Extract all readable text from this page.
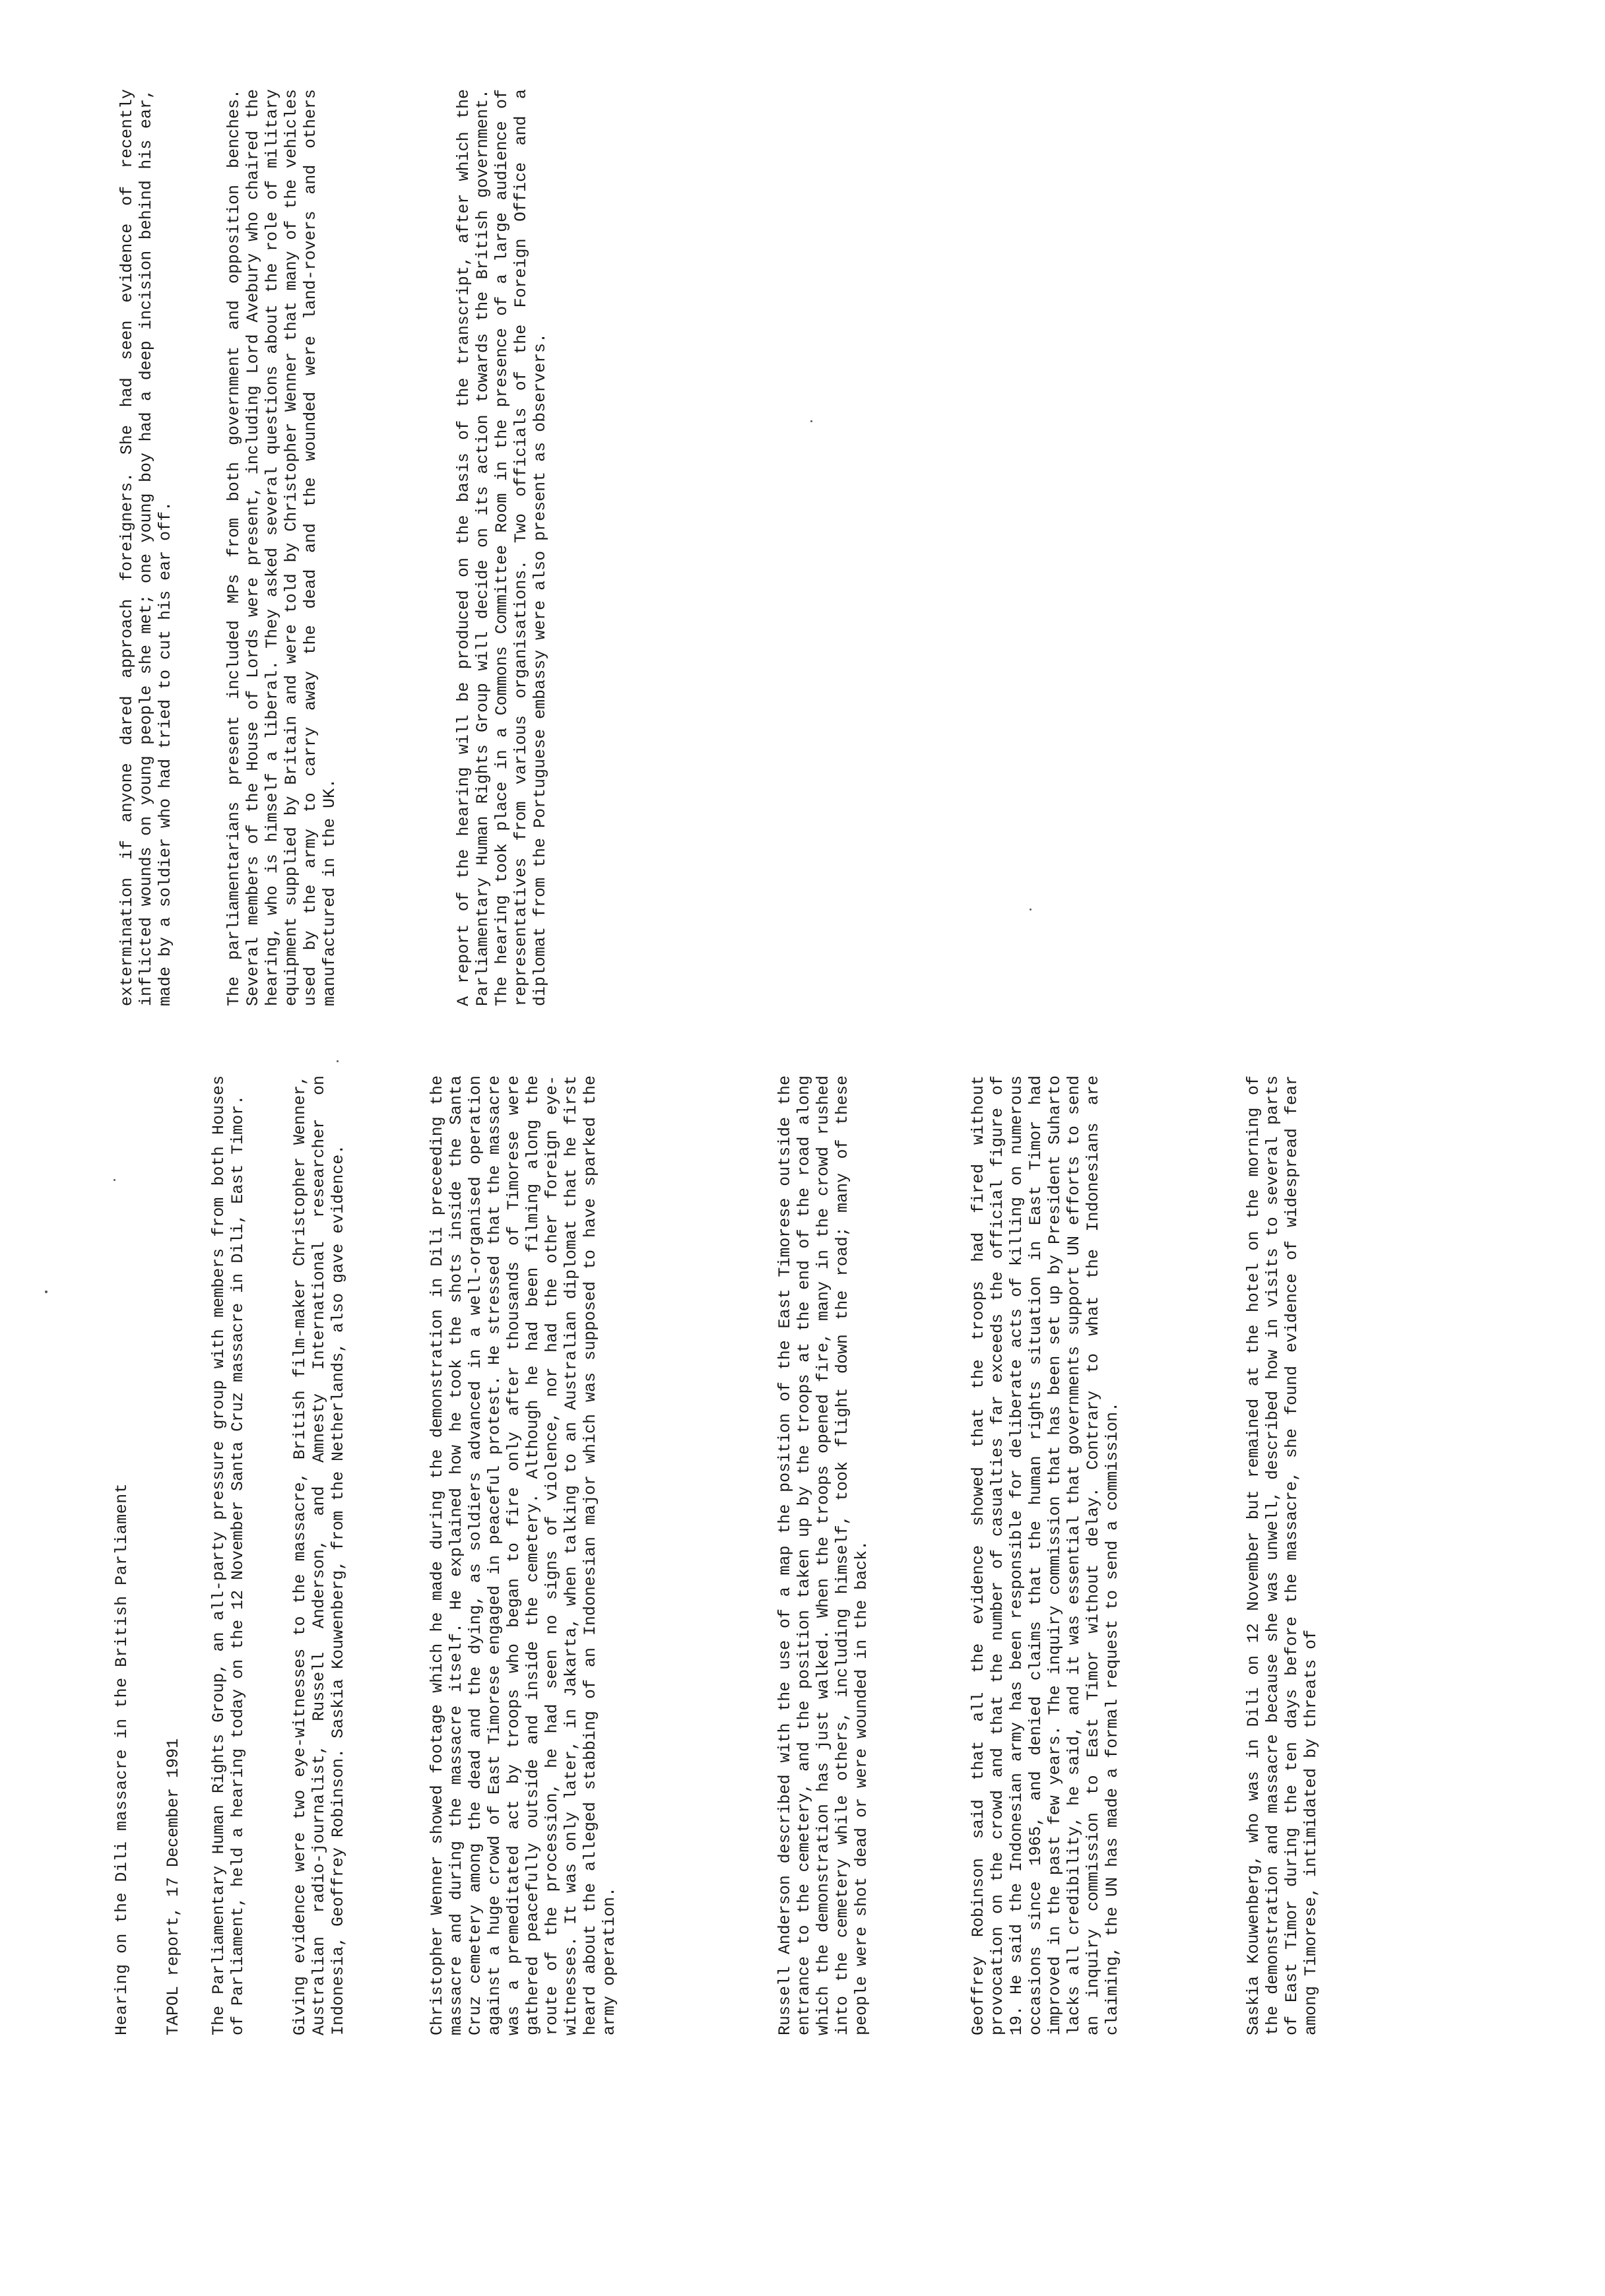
Hearing on the Dili massacre in the British Parliament TAPOL report, 17 December 1991 The Parliamentary Human Rights Group, an all-party pressure group with members from both Houses of Parliament, held a hearing today on the 12 November Santa Cruz massacre in Dili, East Timor.	Giving evidence were two eye-witnesses to the massacre, British film-maker Christopher Wenner, Australian radio-journalist, Russell Anderson, and Amnesty International researcher on Indonesia, Geoffrey Robinson. Saskia Kouwenberg, from the Netherlands, also gave evidence.	Christopher Wenner showed footage which he made during the demonstration in Dili preceeding the massacre and during the massacre itself. He explained how he took the shots inside the Santa Cruz cemetery among the dead and the dying, as soldiers advanced in a well-organised operation against a huge crowd of East Timorese engaged in peaceful protest. He stressed that the massacre was a premeditated act by troops who began to fire only after thousands of Timorese were gathered peacefully outside and inside the cemetery. Although he had been filming along the route of the procession, he had seen no signs of violence, nor had the other foreign eye-witnesses. It was only later, in Jakarta, when talking to an Australian diplomat that he first heard about the alleged stabbing of an Indonesian major which was supposed to have sparked the army operation.	Russell Anderson described with the use of a map the position of the East Timorese outside the entrance to the cemetery, and the position taken up by the troops at the end of the road along which the demonstration has just walked. When the troops opened fire, many in the crowd rushed into the cemetery while others, including himself, took flight down the road; many of these people were shot dead or were wounded in the back.	Geoffrey Robinson said that all the evidence showed that the troops had fired without provocation on the crowd and that the number of casualties far exceeds the official figure of 19. He said the Indonesian army has been responsible for deliberate acts of killing on numerous occasions since 1965, and denied claims that the human rights situation in East Timor had improved in the past few years. The inquiry commission that has been set up by President Suharto lacks all credibility, he said, and it was essential that governments support UN efforts to send an inquiry commission to East Timor without delay. Contrary to what the Indonesians are claiming, the UN has made a formal request to send a commission.	Saskia Kouwenberg, who was in Dili on 12 November but remained at the hotel on the morning of the demonstration and massacre because she was unwell, described how in visits to several parts of East Timor during the ten days before the massacre, she found evidence of widespread fear among Timorese, intimidated by threats of

extermination if anyone dared approach foreigners. She had seen evidence of recently inflicted wounds on young people she met; one young boy had a deep incision behind his ear, made by a soldier who had tried to cut his ear off.	The parliamentarians present included MPs from both government and opposition benches. Several members of the House of Lords were present, including Lord Avebury who chaired the hearing, who is himself a liberal. They asked several questions about the role of military equipment supplied by Britain and were told by Christopher Wenner that many of the vehicles used by the army to carry away the dead and the wounded were land-rovers and others manufactured in the UK.	A report of the hearing will be produced on the basis of the transcript, after which the Parliamentary Human Rights Group will decide on its action towards the British government. The hearing took place in a Commons Committee Room in the presence of a large audience of representatives from various organisations. Two officials of the Foreign Office and a diplomat from the Portuguese embassy were also present as observers.
